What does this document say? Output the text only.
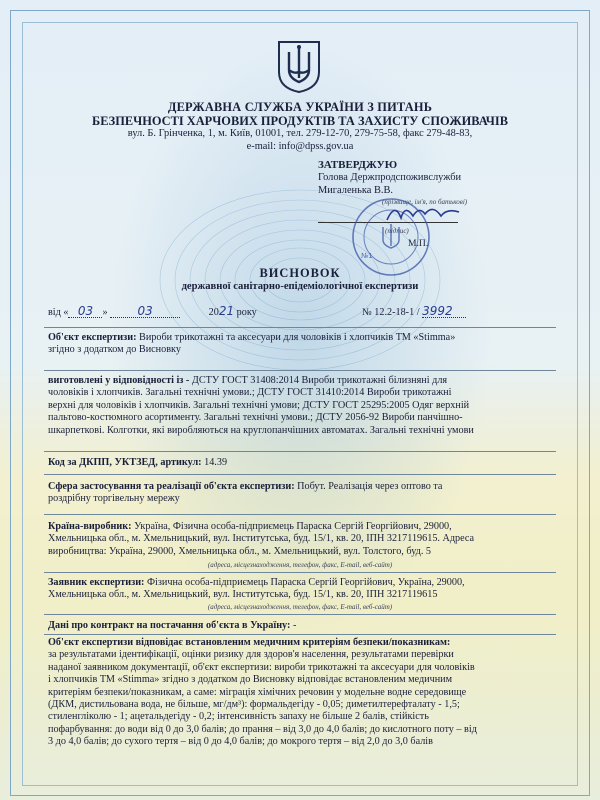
ДЕРЖАВНА СЛУЖБА УКРАЇНИ З ПИТАНЬ
БЕЗПЕЧНОСТІ ХАРЧОВИХ ПРОДУКТІВ ТА ЗАХИСТУ СПОЖИВАЧІВ
вул. Б. Грінченка, 1, м. Київ, 01001, тел. 279-12-70, 279-75-58, факс 279-48-83,
e-mail: info@dpss.gov.ua
ЗАТВЕРДЖУЮ
Голова Держпродспоживслужби
Мигаленька В.В.
(прізвище, ім'я, по батькові)
(підпис)
М.П.
№1
ВИСНОВОК
державної санітарно-епідеміологічної експертизи
від « 03 » 03	2021 року	№ 12.2-18-1 / 3992
Об'єкт експертизи: Вироби трикотажні та аксесуари для чоловіків і хлопчиків ТМ «Stimma»
згідно з додатком до Висновку
виготовлені у відповідності із - ДСТУ ГОСТ 31408:2014 Вироби трикотажні білизняні для
чоловіків і хлопчиків. Загальні технічні умови.; ДСТУ ГОСТ 31410:2014 Вироби трикотажні
верхні для чоловіків і хлопчиків. Загальні технічні умови; ДСТУ ГОСТ 25295:2005 Одяг верхній
пальтово-костюмного асортименту. Загальні технічні умови.; ДСТУ 2056-92 Вироби панчішно-
шкарпеткові. Колготки, які виробляються на круглопанчішних автоматах. Загальні технічні умови
Код за ДКПП, УКТЗЕД, артикул: 14.39
Сфера застосування та реалізації об'єкта експертизи: Побут. Реалізація через оптово та
роздрібну торгівельну мережу
Країна-виробник: Україна, Фізична особа-підприємець Параска Сергій Георгійович, 29000,
Хмельницька обл., м. Хмельницький, вул. Інститутська, буд. 15/1, кв. 20, ІПН 3217119615. Адреса
виробництва: Україна, 29000, Хмельницька обл., м. Хмельницький, вул. Толстого, буд. 5
(адреса, місцезнаходження, телефон, факс, E-mail, веб-сайт)
Заявник експертизи: Фізична особа-підприємець Параска Сергій Георгійович, Україна, 29000,
Хмельницька обл., м. Хмельницький, вул. Інститутська, буд. 15/1, кв. 20, ІПН 3217119615
(адреса, місцезнаходження, телефон, факс, E-mail, веб-сайт)
Дані про контракт на постачання об'єкта в Україну: -
Об'єкт експертизи відповідає встановленим медичним критеріям безпеки/показникам:
за результатами ідентифікації, оцінки ризику для здоров'я населення, результатами перевірки
наданої заявником документації, об'єкт експертизи: вироби трикотажні та аксесуари для чоловіків
і хлопчиків ТМ «Stimma» згідно з додатком до Висновку відповідає встановленим медичним
критеріям безпеки/показникам, а саме: міграція хімічних речовин у модельне водне середовище
(ДКМ, дистильована вода, не більше, мг/дм³): формальдегіду - 0,05; диметилтерефталату - 1,5;
стиленгліколю - 1; ацетальдегіду - 0,2; інтенсивність запаху не більше 2 балів, стійкість
пофарбування: до води від 0 до 3,0 балів; до прання – від 3,0 до 4,0 балів; до кислотного поту – від
3 до 4,0 балів; до сухого тертя – від 0 до 4,0 балів; до мокрого тертя – від 2,0 до 3,0 балів
